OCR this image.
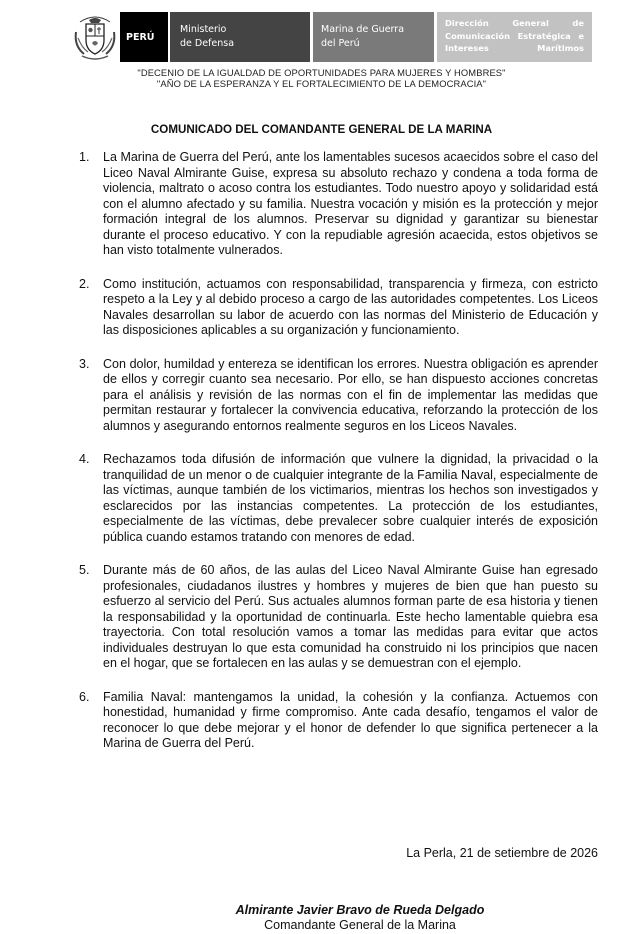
PERÚ
Ministerio
de Defensa
Marina de Guerra
del Perú
Dirección General de
Comunicación Estratégica e
Intereses Marítimos
"DECENIO DE LA IGUALDAD DE OPORTUNIDADES PARA MUJERES Y HOMBRES"
"AÑO DE LA ESPERANZA Y EL FORTALECIMIENTO DE LA DEMOCRACIA"
COMUNICADO DEL COMANDANTE GENERAL DE LA MARINA
1. La Marina de Guerra del Perú, ante los lamentables sucesos acaecidos sobre el caso del Liceo Naval Almirante Guise, expresa su absoluto rechazo y condena a toda forma de violencia, maltrato o acoso contra los estudiantes. Todo nuestro apoyo y solidaridad está con el alumno afectado y su familia. Nuestra vocación y misión es la protección y mejor formación integral de los alumnos. Preservar su dignidad y garantizar su bienestar durante el proceso educativo. Y con la repudiable agresión acaecida, estos objetivos se han visto totalmente vulnerados.
2. Como institución, actuamos con responsabilidad, transparencia y firmeza, con estricto respeto a la Ley y al debido proceso a cargo de las autoridades competentes. Los Liceos Navales desarrollan su labor de acuerdo con las normas del Ministerio de Educación y las disposiciones aplicables a su organización y funcionamiento.
3. Con dolor, humildad y entereza se identifican los errores. Nuestra obligación es aprender de ellos y corregir cuanto sea necesario. Por ello, se han dispuesto acciones concretas para el análisis y revisión de las normas con el fin de implementar las medidas que permitan restaurar y fortalecer la convivencia educativa, reforzando la protección de los alumnos y asegurando entornos realmente seguros en los Liceos Navales.
4. Rechazamos toda difusión de información que vulnere la dignidad, la privacidad o la tranquilidad de un menor o de cualquier integrante de la Familia Naval, especialmente de las víctimas, aunque también de los victimarios, mientras los hechos son investigados y esclarecidos por las instancias competentes. La protección de los estudiantes, especialmente de las víctimas, debe prevalecer sobre cualquier interés de exposición pública cuando estamos tratando con menores de edad.
5. Durante más de 60 años, de las aulas del Liceo Naval Almirante Guise han egresado profesionales, ciudadanos ilustres y hombres y mujeres de bien que han puesto su esfuerzo al servicio del Perú. Sus actuales alumnos forman parte de esa historia y tienen la responsabilidad y la oportunidad de continuarla. Este hecho lamentable quiebra esa trayectoria. Con total resolución vamos a tomar las medidas para evitar que actos individuales destruyan lo que esta comunidad ha construido ni los principios que nacen en el hogar, que se fortalecen en las aulas y se demuestran con el ejemplo.
6. Familia Naval: mantengamos la unidad, la cohesión y la confianza. Actuemos con honestidad, humanidad y firme compromiso. Ante cada desafío, tengamos el valor de reconocer lo que debe mejorar y el honor de defender lo que significa pertenecer a la Marina de Guerra del Perú.
La Perla, 21 de setiembre de 2026
Almirante Javier Bravo de Rueda Delgado
Comandante General de la Marina
